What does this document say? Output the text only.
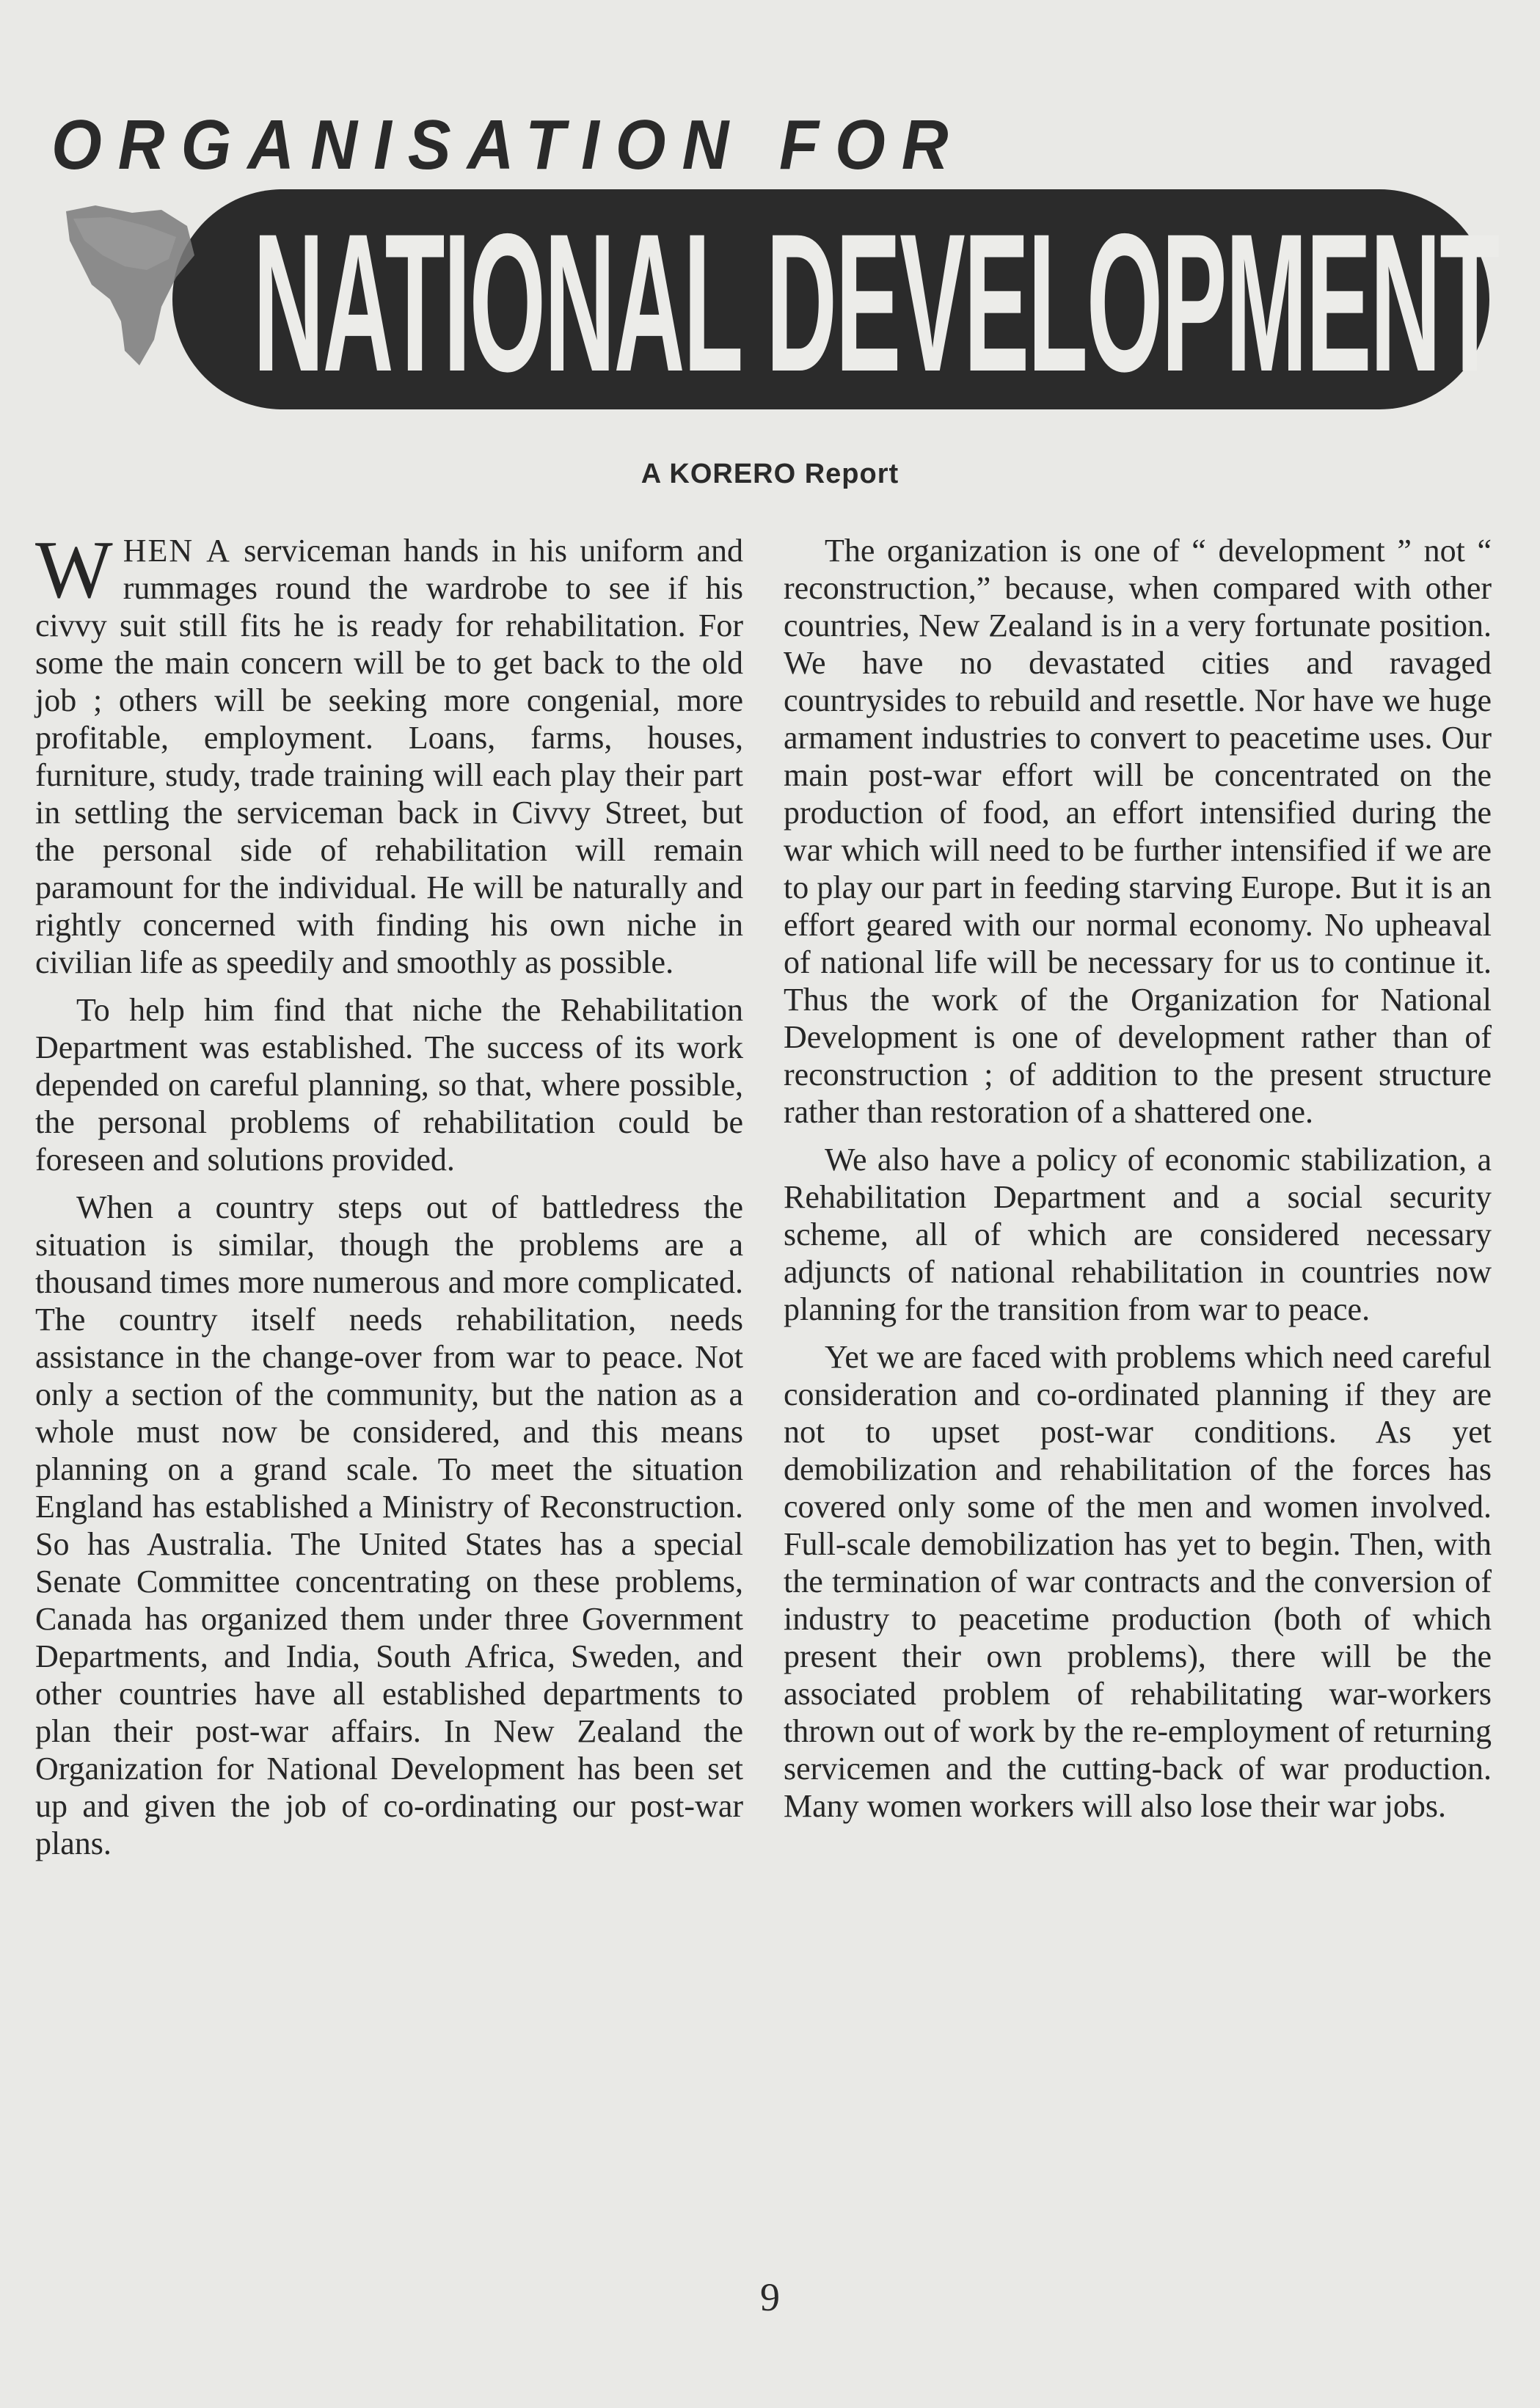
ORGANISATION FOR
NATIONAL DEVELOPMENT
A KORERO Report

WHEN A serviceman hands in his uniform and rummages round the wardrobe to see if his civvy suit still fits he is ready for rehabilitation. For some the main concern will be to get back to the old job ; others will be seeking more congenial, more profitable, employment. Loans, farms, houses, furniture, study, trade training will each play their part in settling the serviceman back in Civvy Street, but the personal side of rehabilitation will remain paramount for the individual. He will be naturally and rightly concerned with finding his own niche in civilian life as speedily and smoothly as possible.

To help him find that niche the Rehabilitation Department was established. The success of its work depended on careful planning, so that, where possible, the personal problems of rehabilitation could be foreseen and solutions provided.

When a country steps out of battledress the situation is similar, though the problems are a thousand times more numerous and more complicated. The country itself needs rehabilitation, needs assistance in the change-over from war to peace. Not only a section of the community, but the nation as a whole must now be considered, and this means planning on a grand scale. To meet the situation England has established a Ministry of Reconstruction. So has Australia. The United States has a special Senate Committee concentrating on these problems, Canada has organized them under three Government Departments, and India, South Africa, Sweden, and other countries have all established departments to plan their post-war affairs. In New Zealand the Organization for National Development has been set up and given the job of co-ordinating our post-war plans.

The organization is one of “ development ” not “ reconstruction,” because, when compared with other countries, New Zealand is in a very fortunate position. We have no devastated cities and ravaged countrysides to rebuild and resettle. Nor have we huge armament industries to convert to peacetime uses. Our main post-war effort will be concentrated on the production of food, an effort intensified during the war which will need to be further intensified if we are to play our part in feeding starving Europe. But it is an effort geared with our normal economy. No upheaval of national life will be necessary for us to continue it. Thus the work of the Organization for National Development is one of development rather than of reconstruction ; of addition to the present structure rather than restoration of a shattered one.

We also have a policy of economic stabilization, a Rehabilitation Department and a social security scheme, all of which are considered necessary adjuncts of national rehabilitation in countries now planning for the transition from war to peace.

Yet we are faced with problems which need careful consideration and co-ordinated planning if they are not to upset post-war conditions. As yet demobilization and rehabilitation of the forces has covered only some of the men and women involved. Full-scale demobilization has yet to begin. Then, with the termination of war contracts and the conversion of industry to peacetime production (both of which present their own problems), there will be the associated problem of rehabilitating war-workers thrown out of work by the re-employment of returning servicemen and the cutting-back of war production. Many women workers will also lose their war jobs.

9
